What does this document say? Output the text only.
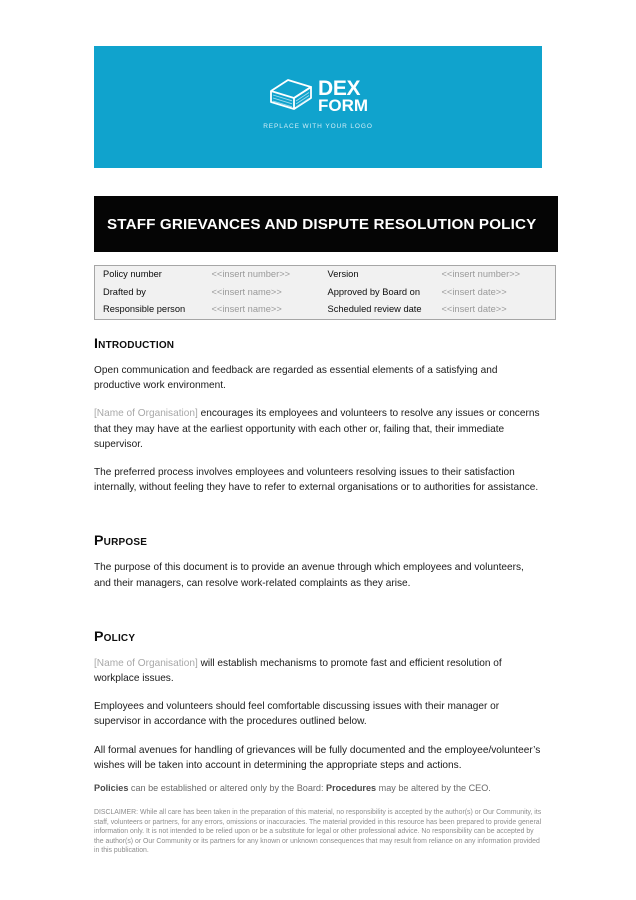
DEX
FORM
REPLACE WITH YOUR LOGO
STAFF GRIEVANCES AND DISPUTE RESOLUTION POLICY
Policy number	<<insert number>>	Version	<<insert number>>
Drafted by	<<insert name>>	Approved by Board on	<<insert date>>
Responsible person	<<insert name>>	Scheduled review date	<<insert date>>
Introduction

Open communication and feedback are regarded as essential elements of a satisfying and productive work environment.

[Name of Organisation] encourages its employees and volunteers to resolve any issues or concerns that they may have at the earliest opportunity with each other or, failing that, their immediate supervisor.

The preferred process involves employees and volunteers resolving issues to their satisfaction internally, without feeling they have to refer to external organisations or to authorities for assistance.

Purpose

The purpose of this document is to provide an avenue through which employees and volunteers, and their managers, can resolve work-related complaints as they arise.

Policy

[Name of Organisation] will establish mechanisms to promote fast and efficient resolution of workplace issues.

Employees and volunteers should feel comfortable discussing issues with their manager or supervisor in accordance with the procedures outlined below.

All formal avenues for handling of grievances will be fully documented and the employee/volunteer’s wishes will be taken into account in determining the appropriate steps and actions.

Policies can be established or altered only by the Board: Procedures may be altered by the CEO.
DISCLAIMER: While all care has been taken in the preparation of this material, no responsibility is accepted by the author(s) or Our Community, its staff, volunteers or partners, for any errors, omissions or inaccuracies. The material provided in this resource has been prepared to provide general information only. It is not intended to be relied upon or be a substitute for legal or other professional advice. No responsibility can be accepted by the author(s) or Our Community or its partners for any known or unknown consequences that may result from reliance on any information provided in this publication.
